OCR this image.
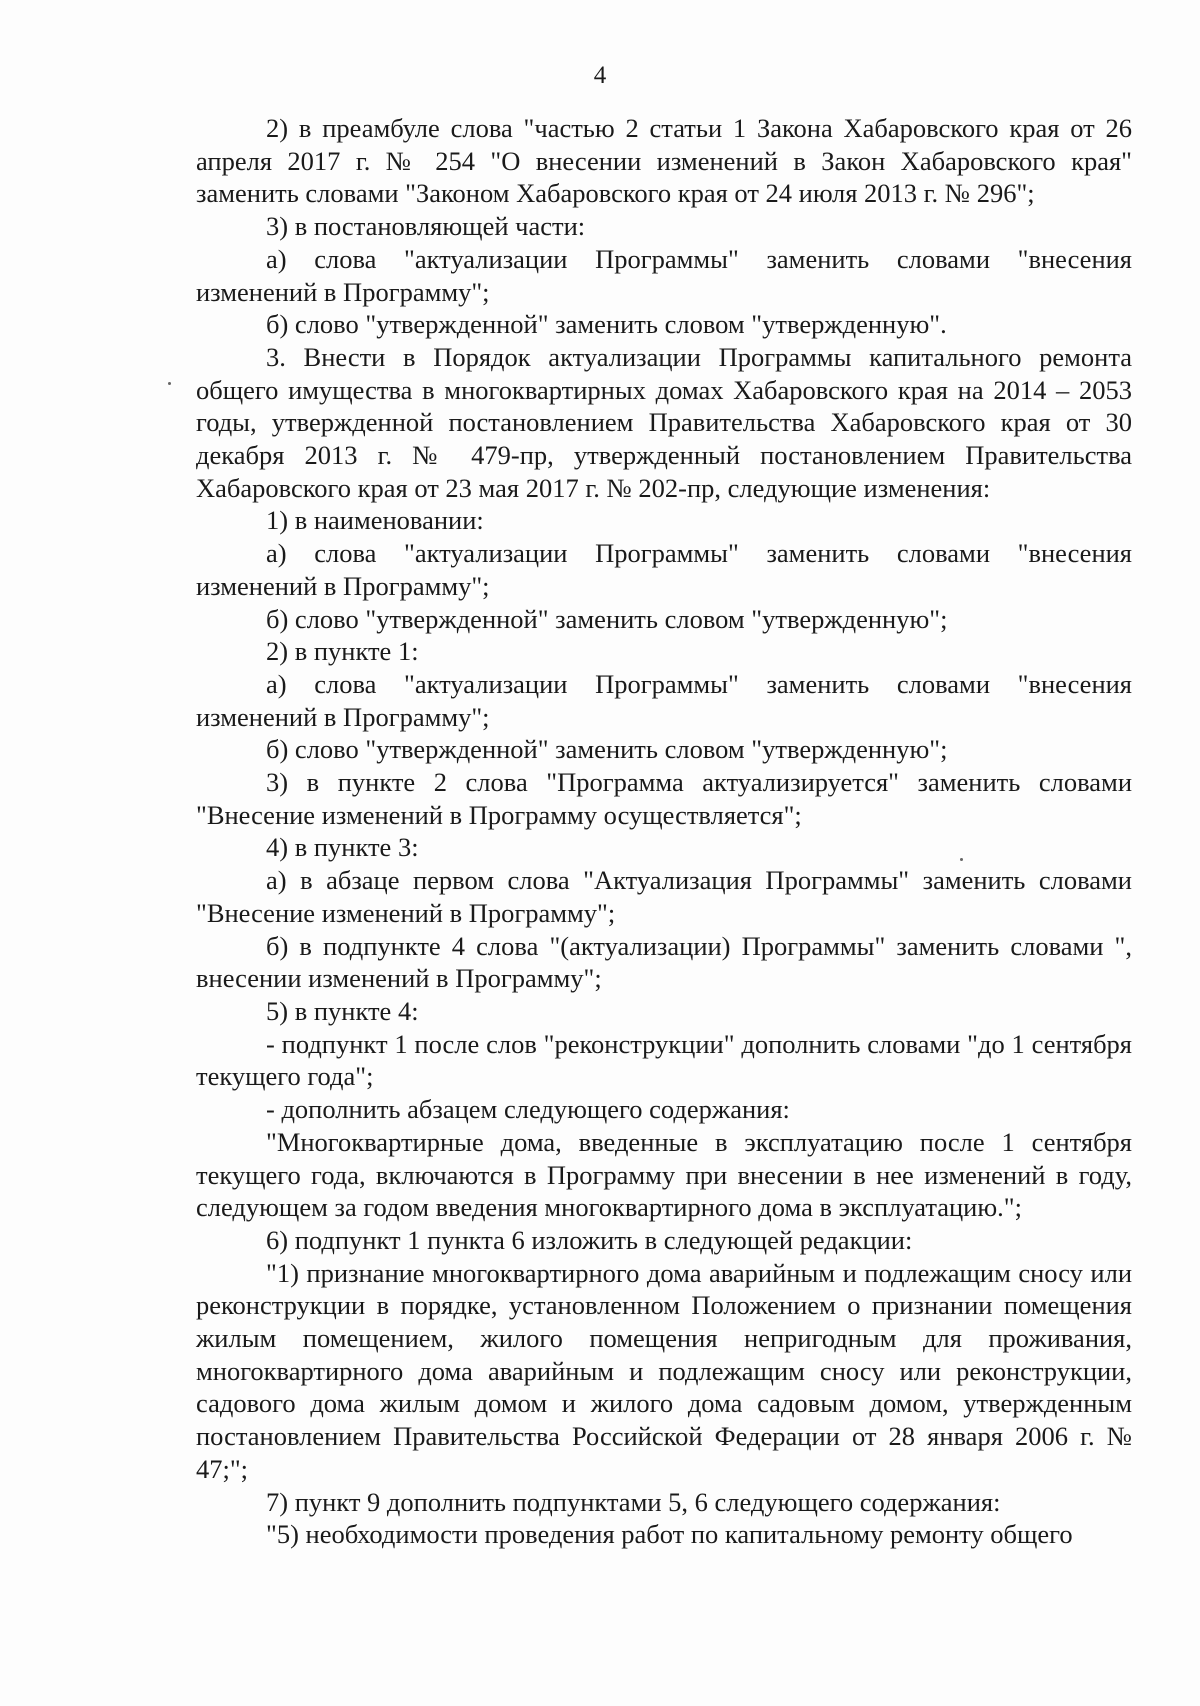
4

2) в преамбуле слова "частью 2 статьи 1 Закона Хабаровского края от 26 апреля 2017 г. № 254 "О внесении изменений в Закон Хабаровского края" заменить словами "Законом Хабаровского края от 24 июля 2013 г. № 296";

3) в постановляющей части:

а) слова "актуализации Программы" заменить словами "внесения изменений в Программу";

б) слово "утвержденной" заменить словом "утвержденную".

3. Внести в Порядок актуализации Программы капитального ремонта общего имущества в многоквартирных домах Хабаровского края на 2014 – 2053 годы, утвержденной постановлением Правительства Хабаровского края от 30 декабря 2013 г. № 479-пр, утвержденный постановлением Правительства Хабаровского края от 23 мая 2017 г. № 202-пр, следующие изменения:

1) в наименовании:

а) слова "актуализации Программы" заменить словами "внесения изменений в Программу";

б) слово "утвержденной" заменить словом "утвержденную";

2) в пункте 1:

а) слова "актуализации Программы" заменить словами "внесения изменений в Программу";

б) слово "утвержденной" заменить словом "утвержденную";

3) в пункте 2 слова "Программа актуализируется" заменить словами "Внесение изменений в Программу осуществляется";

4) в пункте 3:

а) в абзаце первом слова "Актуализация Программы" заменить словами "Внесение изменений в Программу";

б) в подпункте 4 слова "(актуализации) Программы" заменить словами ", внесении изменений в Программу";

5) в пункте 4:

- подпункт 1 после слов "реконструкции" дополнить словами "до 1 сентября текущего года";

- дополнить абзацем следующего содержания:

"Многоквартирные дома, введенные в эксплуатацию после 1 сентября текущего года, включаются в Программу при внесении в нее изменений в году, следующем за годом введения многоквартирного дома в эксплуатацию.";

6) подпункт 1 пункта 6 изложить в следующей редакции:

"1) признание многоквартирного дома аварийным и подлежащим сносу или реконструкции в порядке, установленном Положением о признании помещения жилым помещением, жилого помещения непригодным для проживания, многоквартирного дома аварийным и подлежащим сносу или реконструкции, садового дома жилым домом и жилого дома садовым домом, утвержденным постановлением Правительства Российской Федерации от 28 января 2006 г. № 47;";

7) пункт 9 дополнить подпунктами 5, 6 следующего содержания:

"5) необходимости проведения работ по капитальному ремонту общего
